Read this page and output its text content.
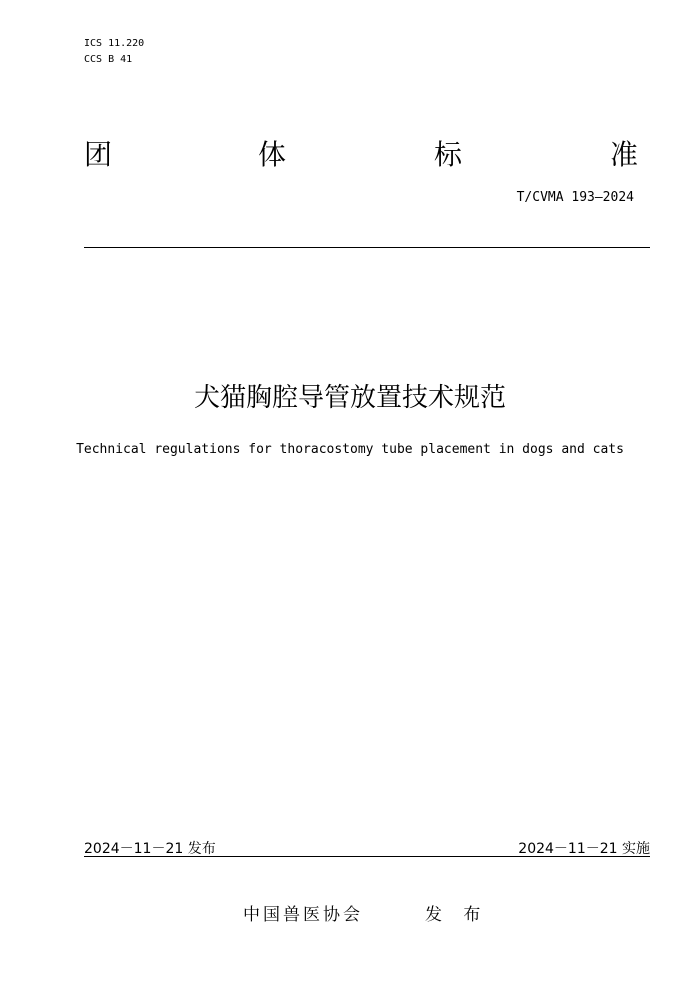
ICS 11.220
CCS B 41
团	体	标	准
T/CVMA 193—2024
犬猫胸腔导管放置技术规范
Technical regulations for thoracostomy tube placement in dogs and cats
2024－11－21 发布	2024－11－21 实施
中国兽医协会	发 布
